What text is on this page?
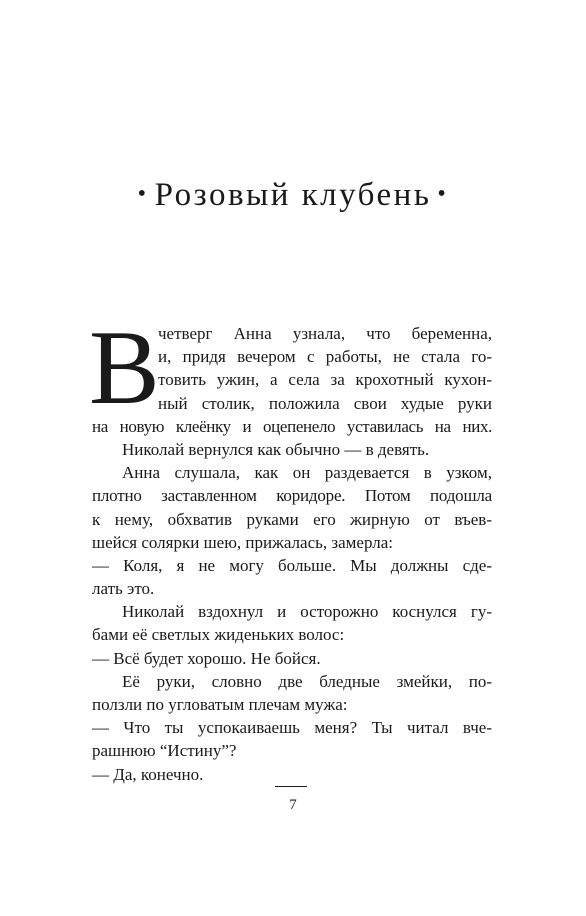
• Розовый клубень •
В
четверг Анна узнала, что беременна,
и, придя вечером с работы, не стала го-
товить ужин, а села за крохотный кухон-
ный столик, положила свои худые руки
на новую клеёнку и оцепенело уставилась на них.
Николай вернулся как обычно — в девять.
Анна слушала, как он раздевается в узком,
плотно заставленном коридоре. Потом подошла
к нему, обхватив руками его жирную от въев-
шейся солярки шею, прижалась, замерла:
— Коля, я не могу больше. Мы должны сде-
лать это.
Николай вздохнул и осторожно коснулся гу-
бами её светлых жиденьких волос:
— Всё будет хорошо. Не бойся.
Её руки, словно две бледные змейки, по-
ползли по угловатым плечам мужа:
— Что ты успокаиваешь меня? Ты читал вче-
рашнюю “Истину”?
— Да, конечно.
7
